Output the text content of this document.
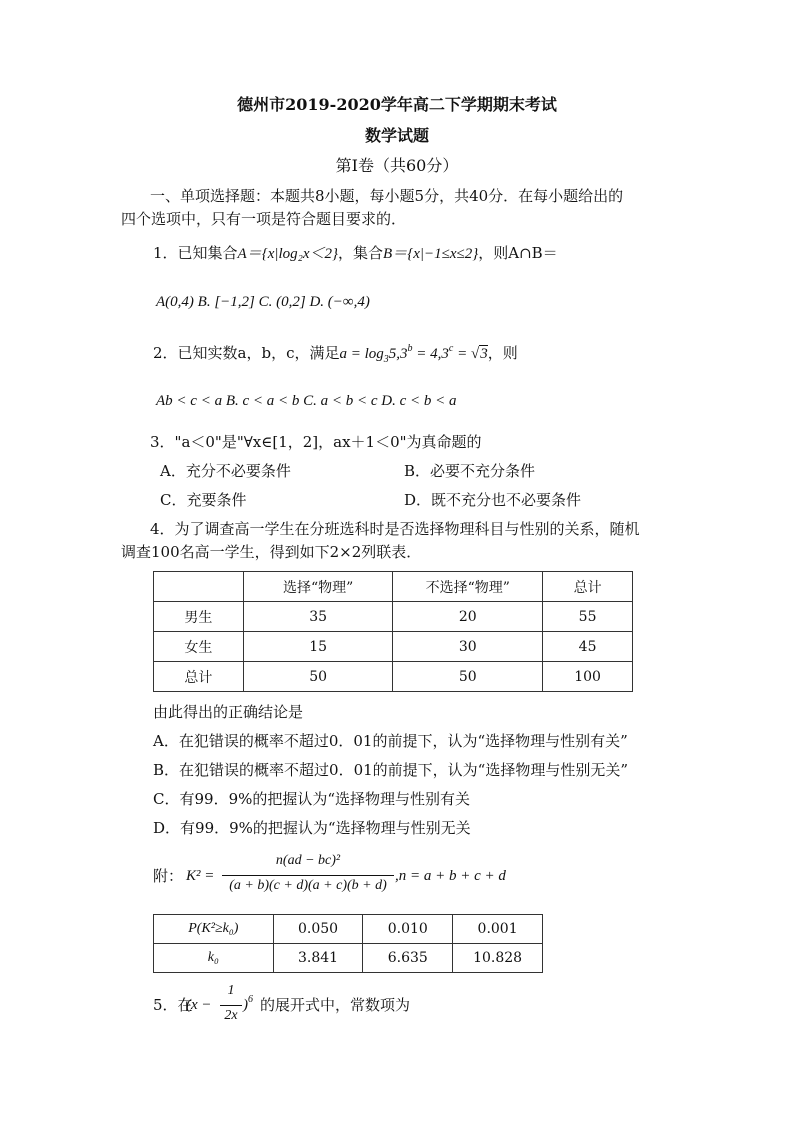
德州市2019-2020学年高二下学期期末考试
数学试题
第Ⅰ卷（共60分）
一、单项选择题：本题共8小题，每小题5分，共40分．在每小题给出的
四个选项中，只有一项是符合题目要求的．
1．已知集合A＝{x|log₂x＜2}，集合B＝{x|−1≤x≤2}，则A∩B＝
A(0,4) B. [−1,2] C. (0,2] D. (−∞,4)
2．已知实数a，b，c，满足$a = \log_35,3^b = 4,3^c = √3$，则
Ab < c < a B. c < a < b C. a < b < c D. c < b < a
3．"a＜0"是"∀x∈[1，2]，ax＋1＜0"为真命题的
A．充分不必要条件	B．必要不充分条件
C．充要条件	D．既不充分也不必要条件
4．为了调查高一学生在分班选科时是否选择物理科目与性别的关系，随机
调查100名高一学生，得到如下2×2列联表．
	选择“物理”	不选择“物理”	总计
男生	35	20	55
女生	15	30	45
总计	50	50	100
由此得出的正确结论是
A．在犯错误的概率不超过0．01的前提下，认为“选择物理与性别有关”
B．在犯错误的概率不超过0．01的前提下，认为“选择物理与性别无关”
C．有99．9%的把握认为“选择物理与性别有关
D．有99．9%的把握认为“选择物理与性别无关
附： K² =
n(ad − bc)²
(a + b)(c + d)(a + c)(b + d)
,n = a + b + c + d
P(K²≥k₀)	0.050	0.010	0.001
k₀	3.841	6.635	10.828
5．在
(x −
1
2x
)$^6$ 的展开式中，常数项为
